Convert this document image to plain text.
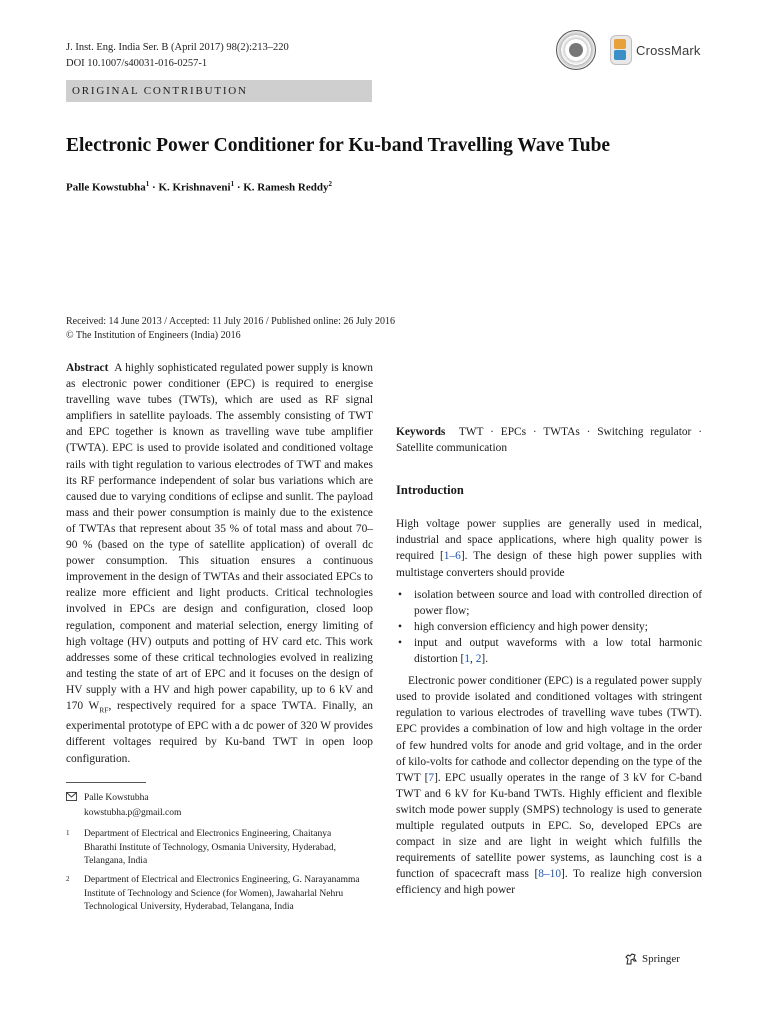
J. Inst. Eng. India Ser. B (April 2017) 98(2):213–220
DOI 10.1007/s40031-016-0257-1
CrossMark
ORIGINAL CONTRIBUTION
Electronic Power Conditioner for Ku-band Travelling Wave Tube
Palle Kowstubha$^1$ · K. Krishnaveni$^1$ · K. Ramesh Reddy$^2$
Received: 14 June 2013 / Accepted: 11 July 2016 / Published online: 26 July 2016
© The Institution of Engineers (India) 2016
Abstract A highly sophisticated regulated power supply is known as electronic power conditioner (EPC) is required to energise travelling wave tubes (TWTs), which are used as RF signal amplifiers in satellite payloads. The assembly consisting of TWT and EPC together is known as travelling wave tube amplifier (TWTA). EPC is used to provide isolated and conditioned voltage rails with tight regulation to various electrodes of TWT and makes its RF performance independent of solar bus variations which are caused due to varying conditions of eclipse and sunlit. The payload mass and their power consumption is mainly due to the existence of TWTAs that represent about 35 % of total mass and about 70–90 % (based on the type of satellite application) of overall dc power consumption. This situation ensures a continuous improvement in the design of TWTAs and their associated EPCs to realize more efficient and light products. Critical technologies involved in EPCs are design and configuration, closed loop regulation, component and material selection, energy limiting of high voltage (HV) outputs and potting of HV card etc. This work addresses some of these critical technologies evolved in realizing and testing the state of art of EPC and it focuses on the design of HV supply with a HV and high power capability, up to 6 kV and 170 $W_{RF}$, respectively required for a space TWTA. Finally, an experimental prototype of EPC with a dc power of 320 W provides different voltages required by Ku-band TWT in open loop configuration.
Palle Kowstubha
kowstubha.p@gmail.com
1	Department of Electrical and Electronics Engineering, Chaitanya Bharathi Institute of Technology, Osmania University, Hyderabad, Telangana, India
2	Department of Electrical and Electronics Engineering, G. Narayanamma Institute of Technology and Science (for Women), Jawaharlal Nehru Technological University, Hyderabad, Telangana, India
Keywords TWT · EPCs · TWTAs · Switching regulator · Satellite communication
Introduction
High voltage power supplies are generally used in medical, industrial and space applications, where high quality power is required [1–6]. The design of these high power supplies with multistage converters should provide
• isolation between source and load with controlled direction of power flow;
• high conversion efficiency and high power density;
• input and output waveforms with a low total harmonic distortion [1, 2].
Electronic power conditioner (EPC) is a regulated power supply used to provide isolated and conditioned voltages with stringent regulation to various electrodes of travelling wave tubes (TWT). EPC provides a combination of low and high voltage in the order of few hundred volts for anode and grid voltage, and in the order of kilo-volts for cathode and collector depending on the type of the TWT [7]. EPC usually operates in the range of 3 kV for C-band TWT and 6 kV for Ku-band TWTs. Highly efficient and flexible switch mode power supply (SMPS) technology is used to generate multiple regulated outputs in EPC. So, developed EPCs are compact in size and are light in weight which fulfills the requirements of satellite power systems, as launching cost is a function of spacecraft mass [8–10]. To realize high conversion efficiency and high power
Springer
